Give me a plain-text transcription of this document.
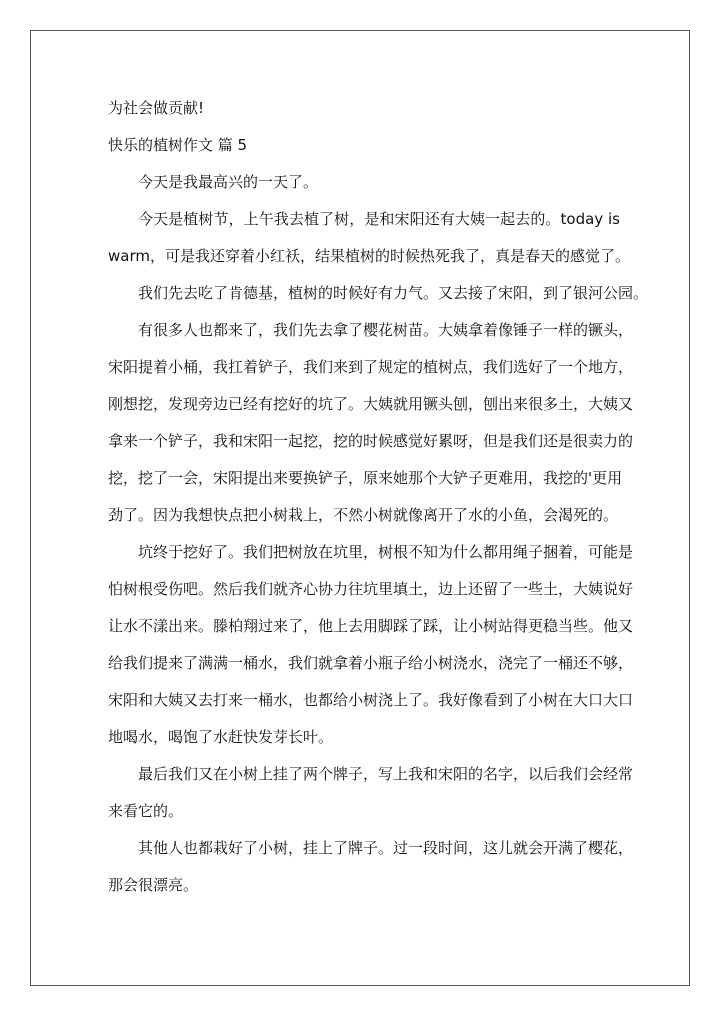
为社会做贡献!

快乐的植树作文 篇 5

今天是我最高兴的一天了。

今天是植树节，上午我去植了树，是和宋阳还有大姨一起去的。today is

warm，可是我还穿着小红袄，结果植树的时候热死我了，真是春天的感觉了。

我们先去吃了肯德基，植树的时候好有力气。又去接了宋阳，到了银河公园。

有很多人也都来了，我们先去拿了樱花树苗。大姨拿着像锤子一样的镢头，

宋阳提着小桶，我扛着铲子，我们来到了规定的植树点，我们选好了一个地方，

刚想挖，发现旁边已经有挖好的坑了。大姨就用镢头刨，刨出来很多土，大姨又

拿来一个铲子，我和宋阳一起挖，挖的时候感觉好累呀，但是我们还是很卖力的

挖，挖了一会，宋阳提出来要换铲子，原来她那个大铲子更难用，我挖的'更用

劲了。因为我想快点把小树栽上，不然小树就像离开了水的小鱼，会渴死的。

坑终于挖好了。我们把树放在坑里，树根不知为什么都用绳子捆着，可能是

怕树根受伤吧。然后我们就齐心协力往坑里填土，边上还留了一些土，大姨说好

让水不漾出来。滕柏翔过来了，他上去用脚踩了踩，让小树站得更稳当些。他又

给我们提来了满满一桶水，我们就拿着小瓶子给小树浇水，浇完了一桶还不够，

宋阳和大姨又去打来一桶水，也都给小树浇上了。我好像看到了小树在大口大口

地喝水，喝饱了水赶快发芽长叶。

最后我们又在小树上挂了两个牌子，写上我和宋阳的名字，以后我们会经常

来看它的。

其他人也都栽好了小树，挂上了牌子。过一段时间，这儿就会开满了樱花，

那会很漂亮。
